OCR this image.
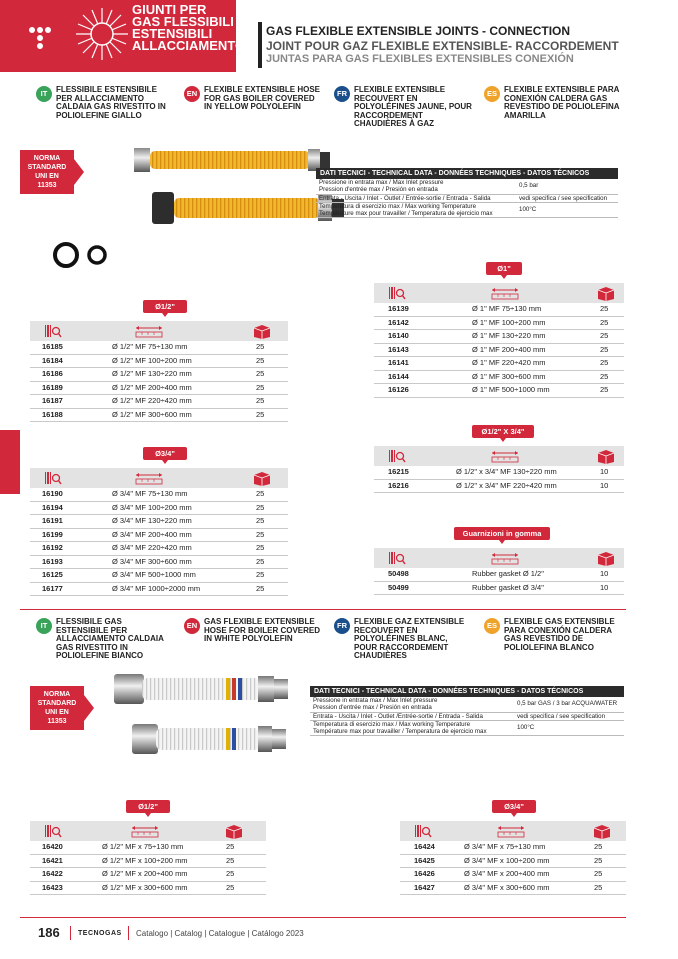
GIUNTI PER
GAS FLESSIBILI
ESTENSIBILI
ALLACCIAMENTO
GAS FLEXIBLE EXTENSIBLE JOINTS - CONNECTION
JOINT POUR GAZ FLEXIBLE EXTENSIBLE- RACCORDEMENT
JUNTAS PARA GAS FLEXIBLES EXTENSIBLES CONEXIÓN
IT	FLESSIBILE ESTENSIBILE PER ALLACCIAMENTO CALDAIA GAS RIVESTITO IN POLIOLEFINE GIALLO
EN FLEXIBLE EXTENSIBLE HOSE FOR GAS BOILER COVERED IN YELLOW POLYOLEFIN
FR FLEXIBLE EXTENSIBLE RECOUVERT EN POLYOLÉFINES JAUNE, POUR RACCORDEMENT CHAUDIÈRES À GAZ
ES FLEXIBLE EXTENSIBLE PARA CONEXIÓN CALDERA GAS REVESTIDO DE POLIOLEFINA AMARILLA
NORMA
STANDARD
UNI EN
11353
DATI TECNICI - TECHNICAL DATA - DONNÉES TECHNIQUES - DATOS TÉCNICOS
Pressione in entrata max / Max Inlet pressure
Pression d'entrée max / Presión en entrada
0,5 bar
Entrata - Uscita / Inlet - Outlet / Entrée-sortie / Entrada - Salida	vedi specifica / see specification
Temperatura di esercizio max / Max working Temperature
Température max pour travailler / Temperatura de ejercicio max
100°C
Ø1/2"
16185	Ø 1/2" MF 75÷130 mm	25
16184	Ø 1/2" MF 100÷200 mm	25
16186	Ø 1/2" MF 130÷220 mm	25
16189	Ø 1/2" MF 200÷400 mm	25
16187	Ø 1/2" MF 220÷420 mm	25
16188	Ø 1/2" MF 300÷600 mm	25
Ø3/4"
16190	Ø 3/4" MF 75÷130 mm	25
16194	Ø 3/4" MF 100÷200 mm	25
16191	Ø 3/4" MF 130÷220 mm	25
16199	Ø 3/4" MF 200÷400 mm	25
16192	Ø 3/4" MF 220÷420 mm	25
16193	Ø 3/4" MF 300÷600 mm	25
16125	Ø 3/4" MF 500÷1000 mm	25
16177	Ø 3/4" MF 1000÷2000 mm	25
Ø1"
16139	Ø 1" MF 75÷130 mm	25
16142	Ø 1" MF 100÷200 mm	25
16140	Ø 1" MF 130÷220 mm	25
16143	Ø 1" MF 200÷400 mm	25
16141	Ø 1" MF 220÷420 mm	25
16144	Ø 1" MF 300÷600 mm	25
16126	Ø 1" MF 500÷1000 mm	25
Ø1/2" X 3/4"
16215	Ø 1/2" x 3/4" MF 130÷220 mm	10
16216	Ø 1/2" x 3/4" MF 220÷420 mm	10
Guarnizioni in gomma
50498	Rubber gasket Ø 1/2"	10
50499	Rubber gasket Ø 3/4"	10
IT	FLESSIBILE GAS ESTENSIBILE PER ALLACCIAMENTO CALDAIA GAS RIVESTITO IN POLIOLEFINE BIANCO
EN GAS FLEXIBLE EXTENSIBLE HOSE FOR BOILER COVERED IN WHITE POLYOLEFIN
FR FLEXIBLE GAZ EXTENSIBLE RECOUVERT EN POLYOLÉFINES BLANC, POUR RACCORDEMENT CHAUDIÈRES
ES FLEXIBLE GAS EXTENSIBLE PARA CONEXIÓN CALDERA GAS REVESTIDO DE POLIOLEFINA BLANCO
NORMA
STANDARD
UNI EN
11353
DATI TECNICI - TECHNICAL DATA - DONNÉES TECHNIQUES - DATOS TÉCNICOS
Pressione in entrata max / Max Inlet pressure
Pression d'entrée max / Presión en entrada
0,5 bar GAS / 3 bar ACQUA/WATER
Entrata - Uscita / Inlet - Outlet /Entrée-sortie / Entrada - Salida	vedi specifica / see specification
Temperatura di esercizio max / Max working Temperature
Température max pour travailler / Temperatura de ejercicio max
100°C
Ø1/2"
16420	Ø 1/2" MF x 75÷130 mm	25
16421	Ø 1/2" MF x 100÷200 mm	25
16422	Ø 1/2" MF x 200÷400 mm	25
16423	Ø 1/2" MF x 300÷600 mm	25
Ø3/4"
16424	Ø 3/4" MF x 75÷130 mm	25
16425	Ø 3/4" MF x 100÷200 mm	25
16426	Ø 3/4" MF x 200÷400 mm	25
16427	Ø 3/4" MF x 300÷600 mm	25
186	TECNOGAS Catalogo | Catalog | Catalogue | Catálogo 2023
